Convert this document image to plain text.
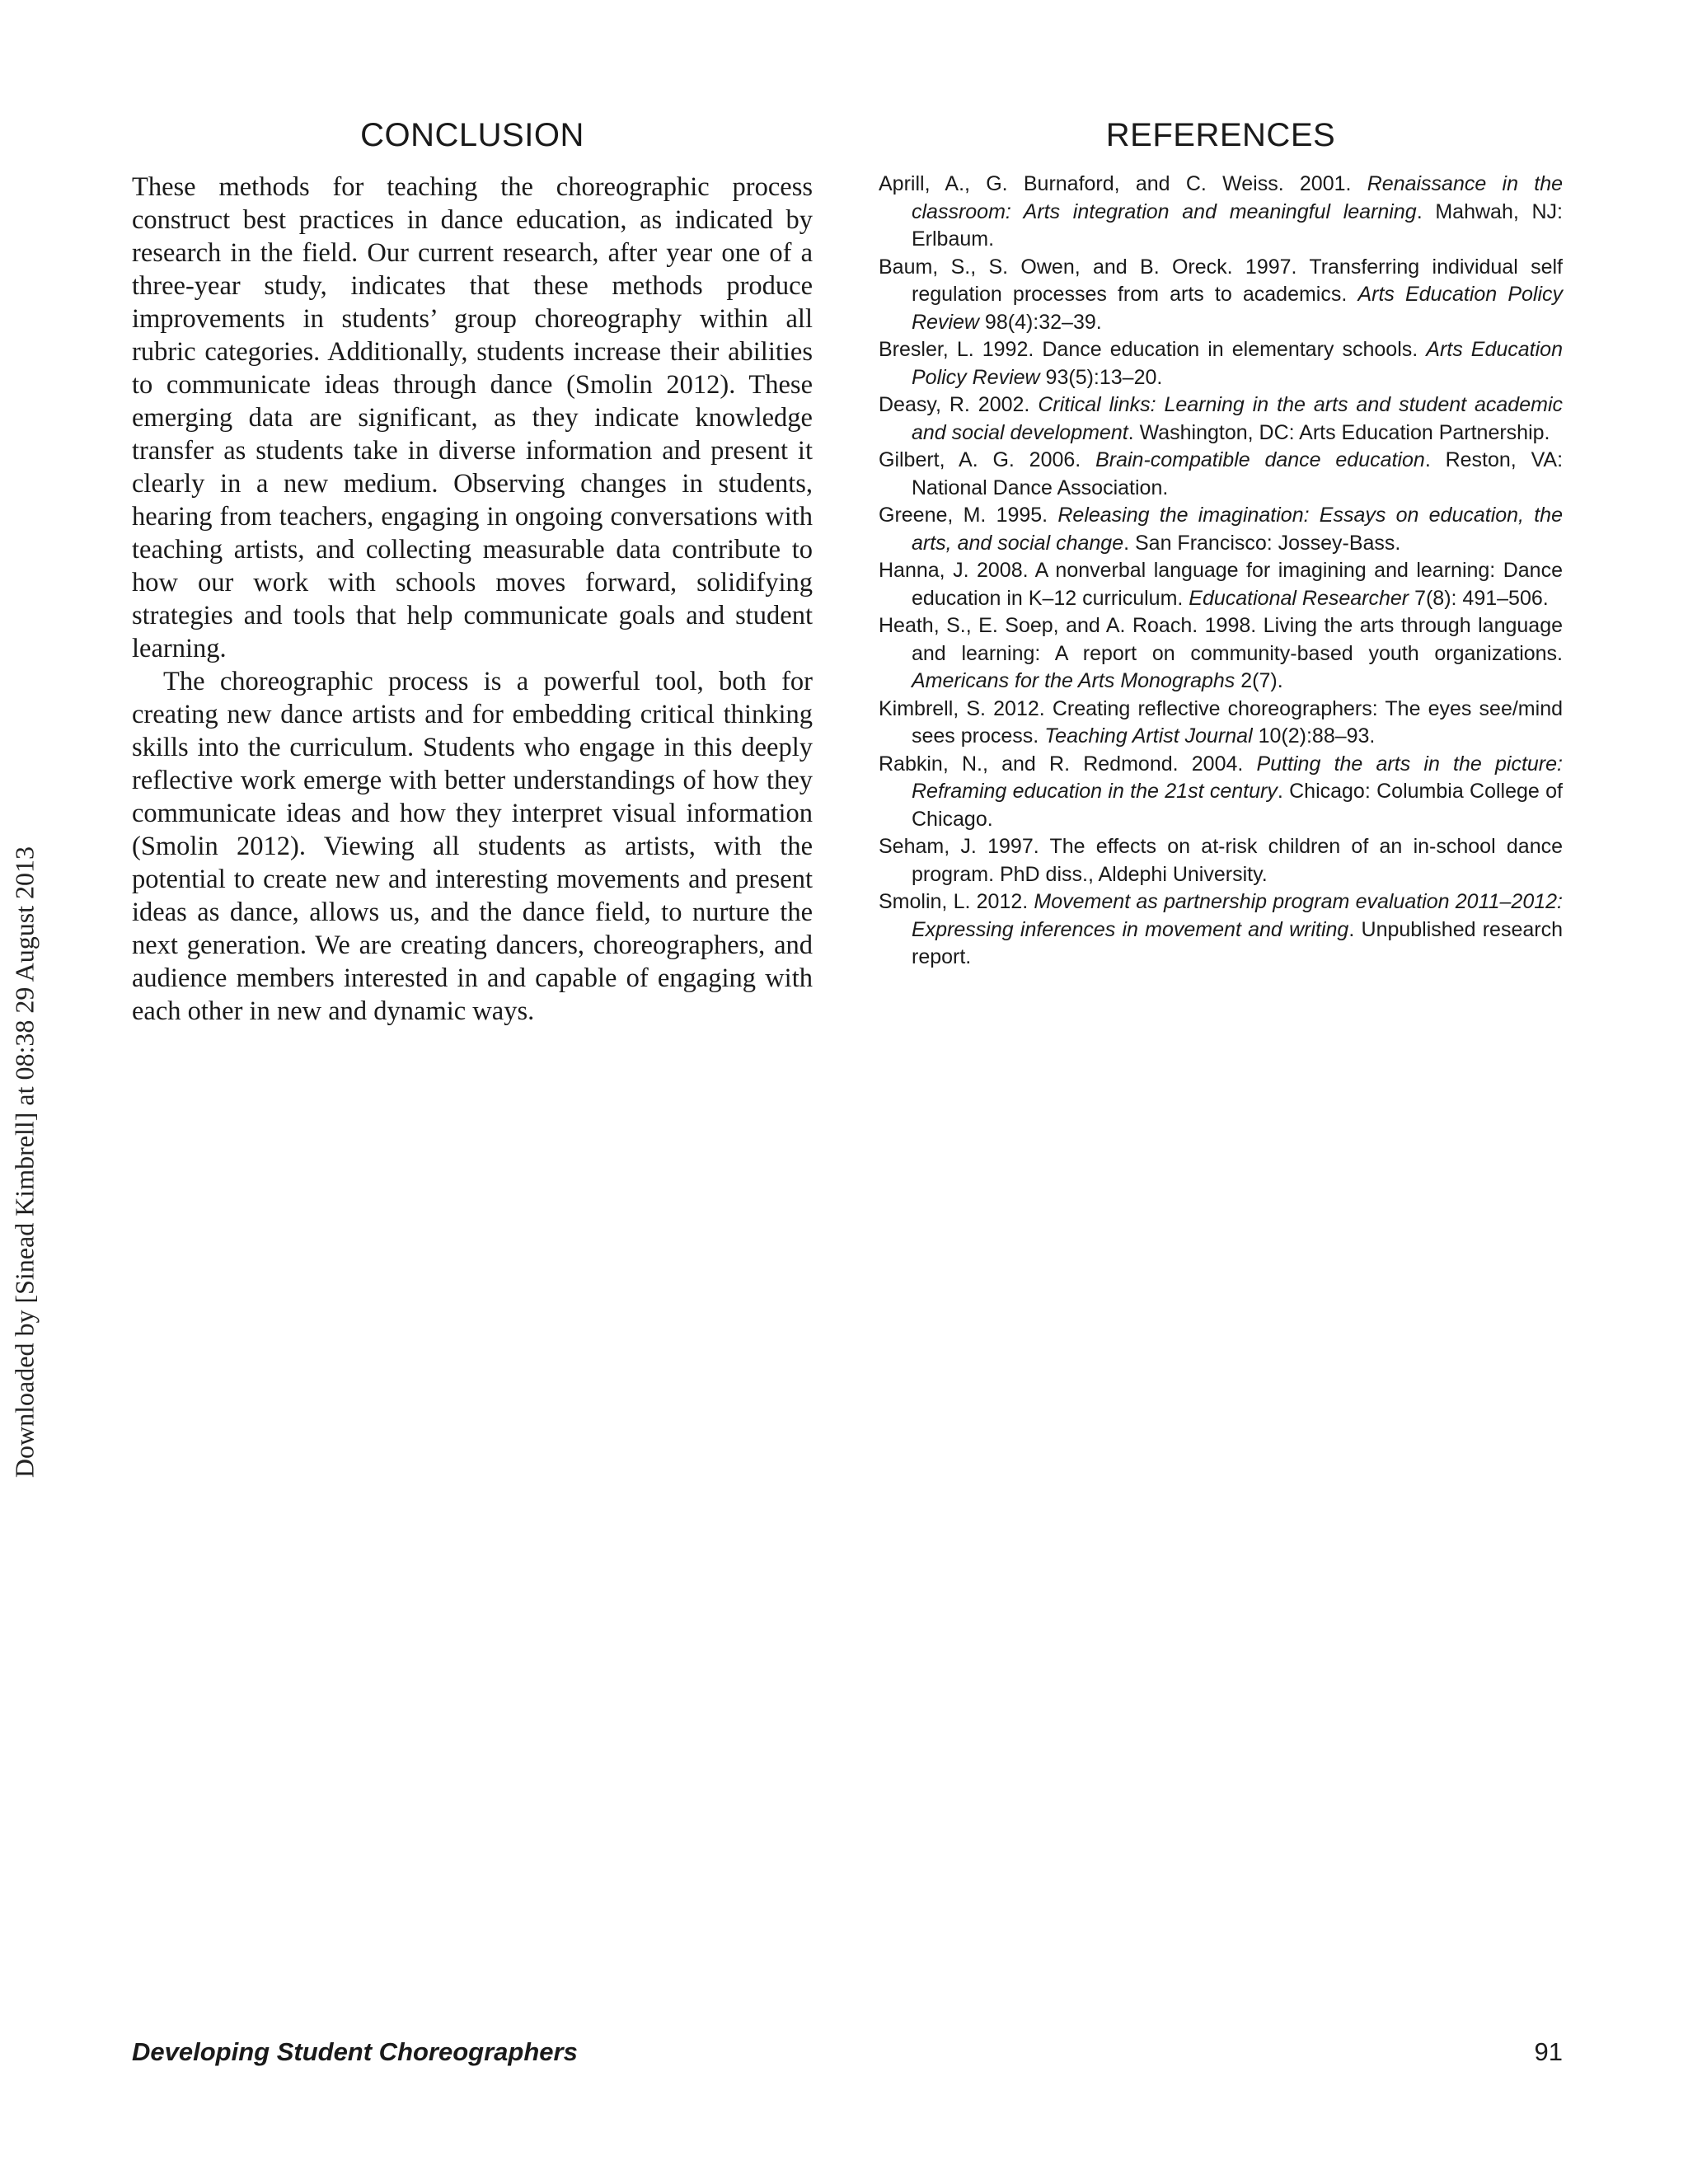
Downloaded by [Sinead Kimbrell] at 08:38 29 August 2013
CONCLUSION

These methods for teaching the choreographic process construct best practices in dance education, as indicated by research in the field. Our current research, after year one of a three-year study, indicates that these methods produce improvements in students’ group choreography within all rubric categories. Additionally, students increase their abilities to communicate ideas through dance (Smolin 2012). These emerging data are significant, as they indicate knowledge transfer as students take in diverse information and present it clearly in a new medium. Observing changes in students, hearing from teachers, engaging in ongoing conversations with teaching artists, and collecting measurable data contribute to how our work with schools moves forward, solidifying strategies and tools that help communicate goals and student learning.

The choreographic process is a powerful tool, both for creating new dance artists and for embedding critical thinking skills into the curriculum. Students who engage in this deeply reflective work emerge with better understandings of how they communicate ideas and how they interpret visual information (Smolin 2012). Viewing all students as artists, with the potential to create new and interesting movements and present ideas as dance, allows us, and the dance field, to nurture the next generation. We are creating dancers, choreographers, and audience members interested in and capable of engaging with each other in new and dynamic ways.

REFERENCES
Aprill, A., G. Burnaford, and C. Weiss. 2001. Renaissance in the classroom: Arts integration and meaningful learning. Mahwah, NJ: Erlbaum.
Baum, S., S. Owen, and B. Oreck. 1997. Transferring individual self regulation processes from arts to academics. Arts Education Policy Review 98(4):32–39.
Bresler, L. 1992. Dance education in elementary schools. Arts Education Policy Review 93(5):13–20.
Deasy, R. 2002. Critical links: Learning in the arts and student academic and social development. Washington, DC: Arts Education Partnership.
Gilbert, A. G. 2006. Brain-compatible dance education. Reston, VA: National Dance Association.
Greene, M. 1995. Releasing the imagination: Essays on education, the arts, and social change. San Francisco: Jossey-Bass.
Hanna, J. 2008. A nonverbal language for imagining and learning: Dance education in K–12 curriculum. Educational Researcher 7(8): 491–506.
Heath, S., E. Soep, and A. Roach. 1998. Living the arts through language and learning: A report on community-based youth organizations. Americans for the Arts Monographs 2(7).
Kimbrell, S. 2012. Creating reflective choreographers: The eyes see/mind sees process. Teaching Artist Journal 10(2):88–93.
Rabkin, N., and R. Redmond. 2004. Putting the arts in the picture: Reframing education in the 21st century. Chicago: Columbia College of Chicago.
Seham, J. 1997. The effects on at-risk children of an in-school dance program. PhD diss., Aldephi University.
Smolin, L. 2012. Movement as partnership program evaluation 2011–2012: Expressing inferences in movement and writing. Unpublished research report.
Developing Student Choreographers	91
